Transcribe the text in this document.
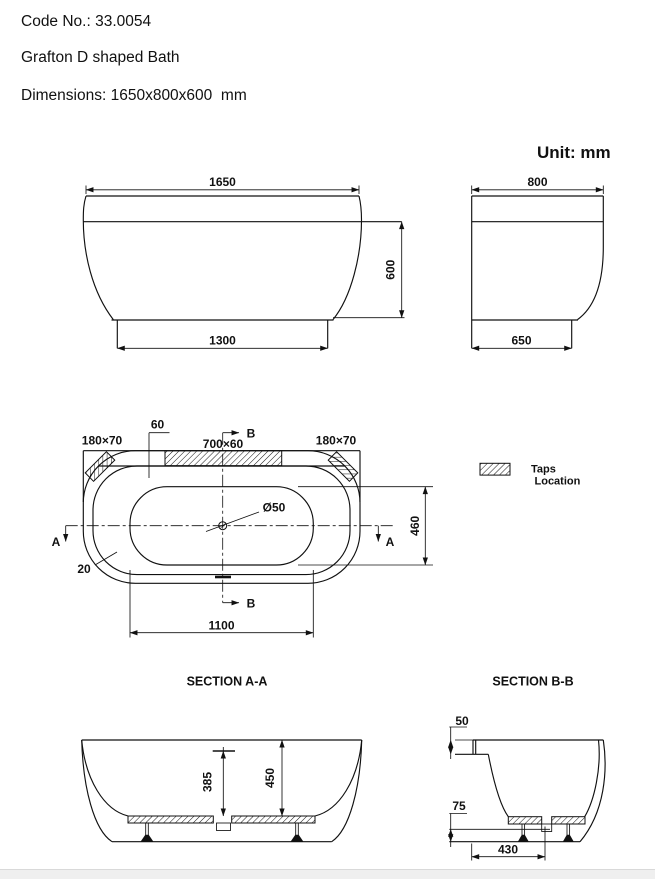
Code No.: 33.0054
Grafton D shaped Bath
Dimensions: 1650x800x600  mm
Unit: mm
1650
1300
600
800
650
B
B
A	A
60
180×70	180×70
700×60
Ø50
20
460
1100
Taps
Location
SECTION A-A
385	450
SECTION B-B
50
75
430
